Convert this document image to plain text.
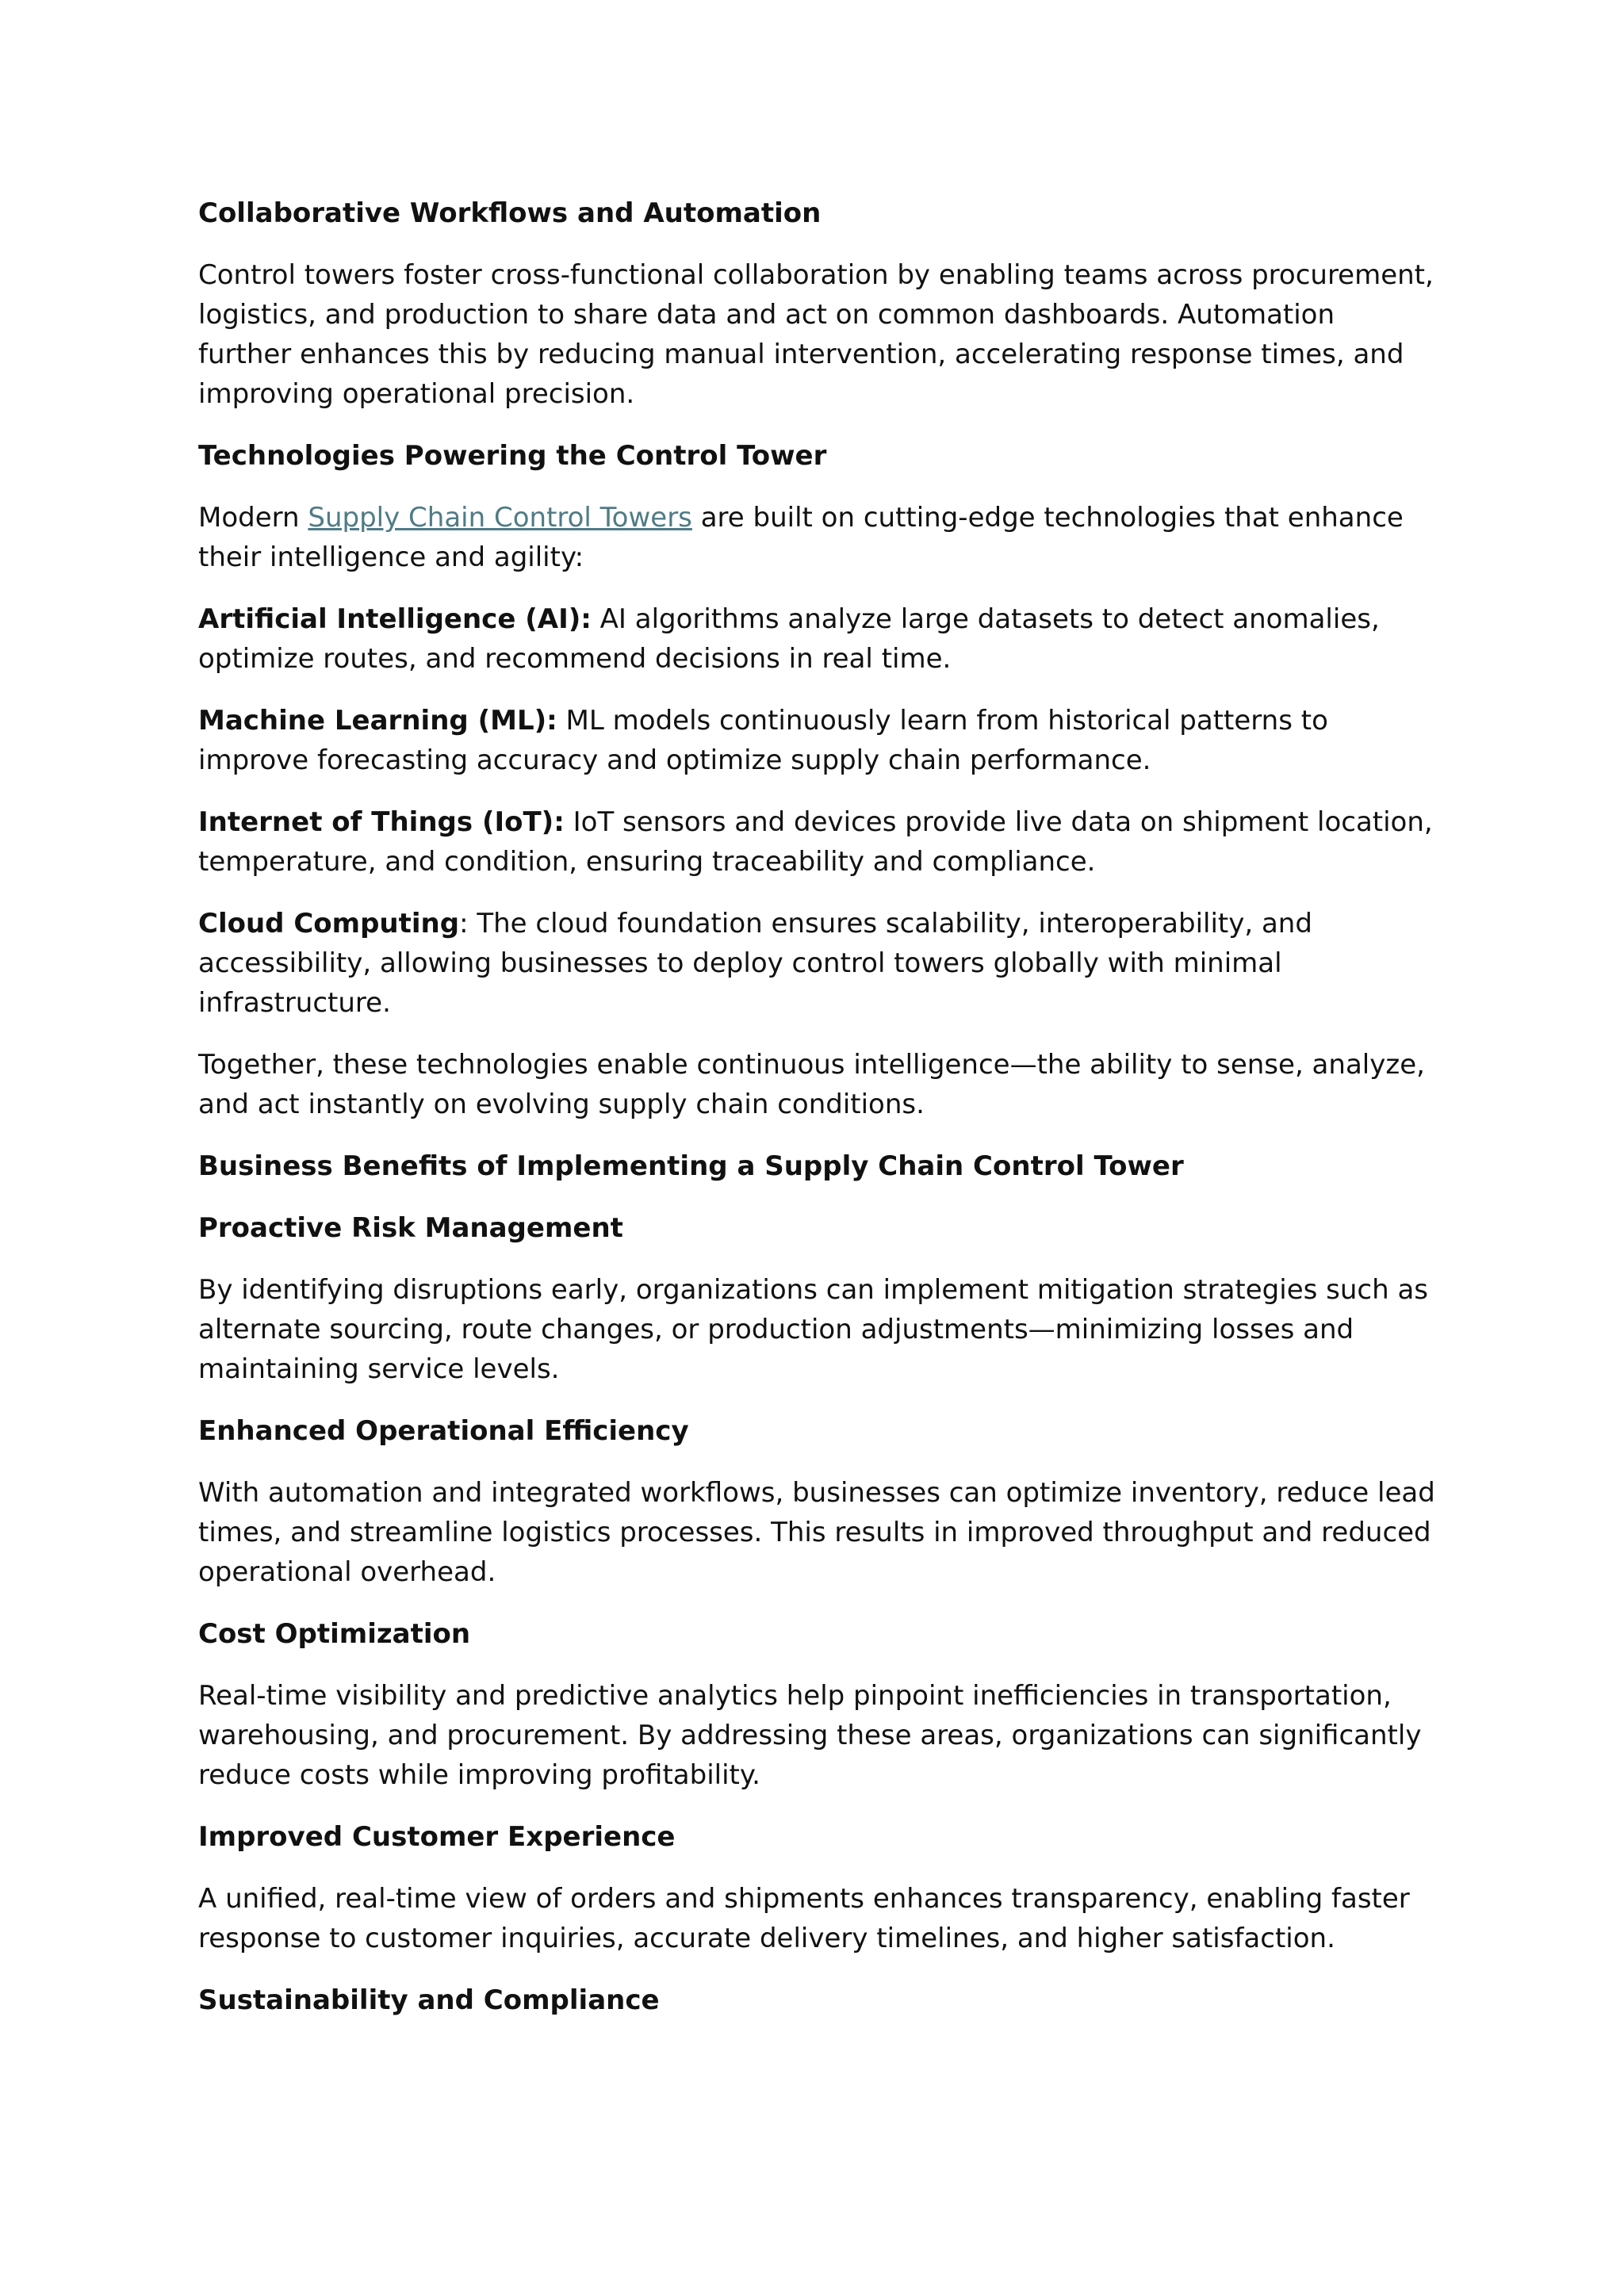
Collaborative Workflows and Automation
Control towers foster cross-functional collaboration by enabling teams across procurement, logistics, and production to share data and act on common dashboards. Automation further enhances this by reducing manual intervention, accelerating response times, and improving operational precision.
Technologies Powering the Control Tower
Modern Supply Chain Control Towers are built on cutting-edge technologies that enhance their intelligence and agility:
Artificial Intelligence (AI): AI algorithms analyze large datasets to detect anomalies, optimize routes, and recommend decisions in real time.
Machine Learning (ML): ML models continuously learn from historical patterns to improve forecasting accuracy and optimize supply chain performance.
Internet of Things (IoT): IoT sensors and devices provide live data on shipment location, temperature, and condition, ensuring traceability and compliance.
Cloud Computing: The cloud foundation ensures scalability, interoperability, and accessibility, allowing businesses to deploy control towers globally with minimal infrastructure.
Together, these technologies enable continuous intelligence—the ability to sense, analyze, and act instantly on evolving supply chain conditions.
Business Benefits of Implementing a Supply Chain Control Tower
Proactive Risk Management
By identifying disruptions early, organizations can implement mitigation strategies such as alternate sourcing, route changes, or production adjustments—minimizing losses and maintaining service levels.
Enhanced Operational Efficiency
With automation and integrated workflows, businesses can optimize inventory, reduce lead times, and streamline logistics processes. This results in improved throughput and reduced operational overhead.
Cost Optimization
Real-time visibility and predictive analytics help pinpoint inefficiencies in transportation, warehousing, and procurement. By addressing these areas, organizations can significantly reduce costs while improving profitability.
Improved Customer Experience
A unified, real-time view of orders and shipments enhances transparency, enabling faster response to customer inquiries, accurate delivery timelines, and higher satisfaction.
Sustainability and Compliance
